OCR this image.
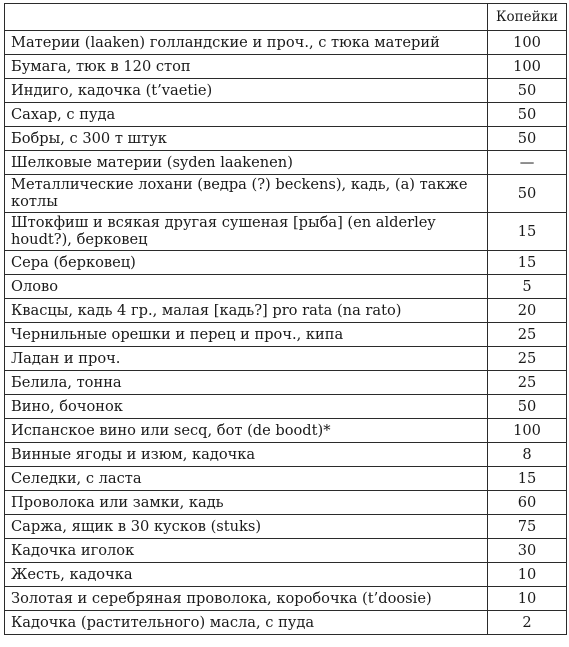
	Копейки
Материи (laaken) голландские и проч., с тюка материй	100
Бумага, тюк в 120 стоп	100
Индиго, кадочка (t’vaetie)	50
Сахар, с пуда	50
Бобры, с 300 т штук	50
Шелковые материи (syden laakenen)	—
Металлические лохани (ведра (?) beckens), кадь, (а) также котлы	50
Штокфиш и всякая другая сушеная [рыба] (en alderley houdt?), берковец	15
Сера (берковец)	15
Олово	5
Квасцы, кадь 4 гр., малая [кадь?] pro rata (na rato)	20
Чернильные орешки и перец и проч., кипа	25
Ладан и проч.	25
Белила, тонна	25
Вино, бочонок	50
Испанское вино или secq, бот (de boodt)*	100
Винные ягоды и изюм, кадочка	8
Селедки, с ласта	15
Проволока или замки, кадь	60
Саржа, ящик в 30 кусков (stuks)	75
Кадочка иголок	30
Жесть, кадочка	10
Золотая и серебряная проволока, коробочка (t’doosie)	10
Кадочка (растительного) масла, с пуда	2
